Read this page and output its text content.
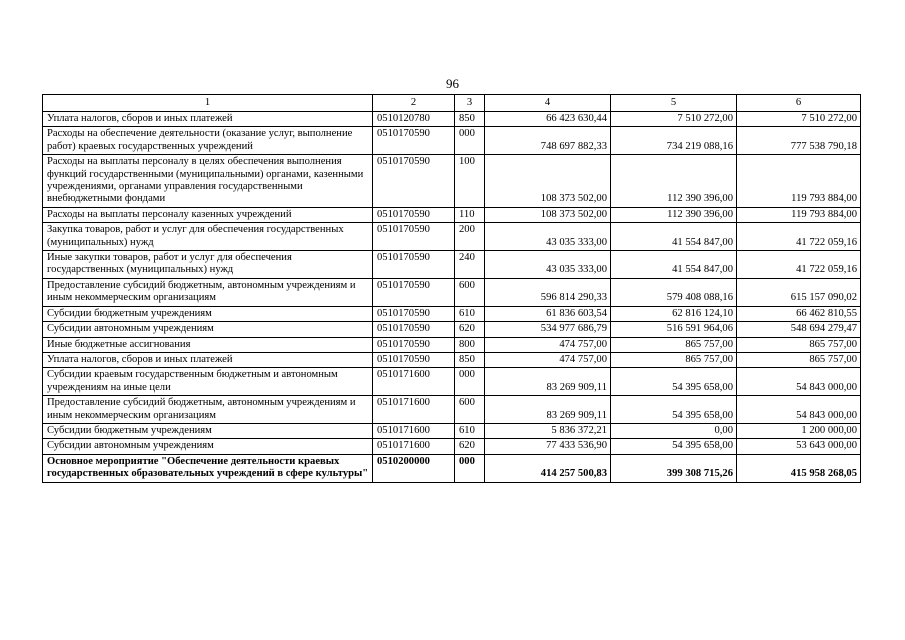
96
1	2	3	4	5	6
Уплата налогов, сборов и иных платежей	0510120780	850	66 423 630,44	7 510 272,00	7 510 272,00
Расходы на обеспечение деятельности (оказание услуг, выполнение работ) краевых государственных учреждений	0510170590	000	748 697 882,33	734 219 088,16	777 538 790,18
Расходы на выплаты персоналу в целях обеспечения выполнения функций государственными (муниципальными) органами, казенными учреждениями, органами управления государственными внебюджетными фондами	0510170590	100	108 373 502,00	112 390 396,00	119 793 884,00
Расходы на выплаты персоналу казенных учреждений	0510170590	110	108 373 502,00	112 390 396,00	119 793 884,00
Закупка товаров, работ и услуг для обеспечения государственных (муниципальных) нужд	0510170590	200	43 035 333,00	41 554 847,00	41 722 059,16
Иные закупки товаров, работ и услуг для обеспечения государственных (муниципальных) нужд	0510170590	240	43 035 333,00	41 554 847,00	41 722 059,16
Предоставление субсидий бюджетным, автономным учреждениям и иным некоммерческим организациям	0510170590	600	596 814 290,33	579 408 088,16	615 157 090,02
Субсидии бюджетным учреждениям	0510170590	610	61 836 603,54	62 816 124,10	66 462 810,55
Субсидии автономным учреждениям	0510170590	620	534 977 686,79	516 591 964,06	548 694 279,47
Иные бюджетные ассигнования	0510170590	800	474 757,00	865 757,00	865 757,00
Уплата налогов, сборов и иных платежей	0510170590	850	474 757,00	865 757,00	865 757,00
Субсидии краевым государственным бюджетным и автономным учреждениям на иные цели	0510171600	000	83 269 909,11	54 395 658,00	54 843 000,00
Предоставление субсидий бюджетным, автономным учреждениям и иным некоммерческим организациям	0510171600	600	83 269 909,11	54 395 658,00	54 843 000,00
Субсидии бюджетным учреждениям	0510171600	610	5 836 372,21	0,00	1 200 000,00
Субсидии автономным учреждениям	0510171600	620	77 433 536,90	54 395 658,00	53 643 000,00
Основное мероприятие "Обеспечение деятельности краевых государственных образовательных учреждений в сфере культуры"	0510200000	000	414 257 500,83	399 308 715,26	415 958 268,05
